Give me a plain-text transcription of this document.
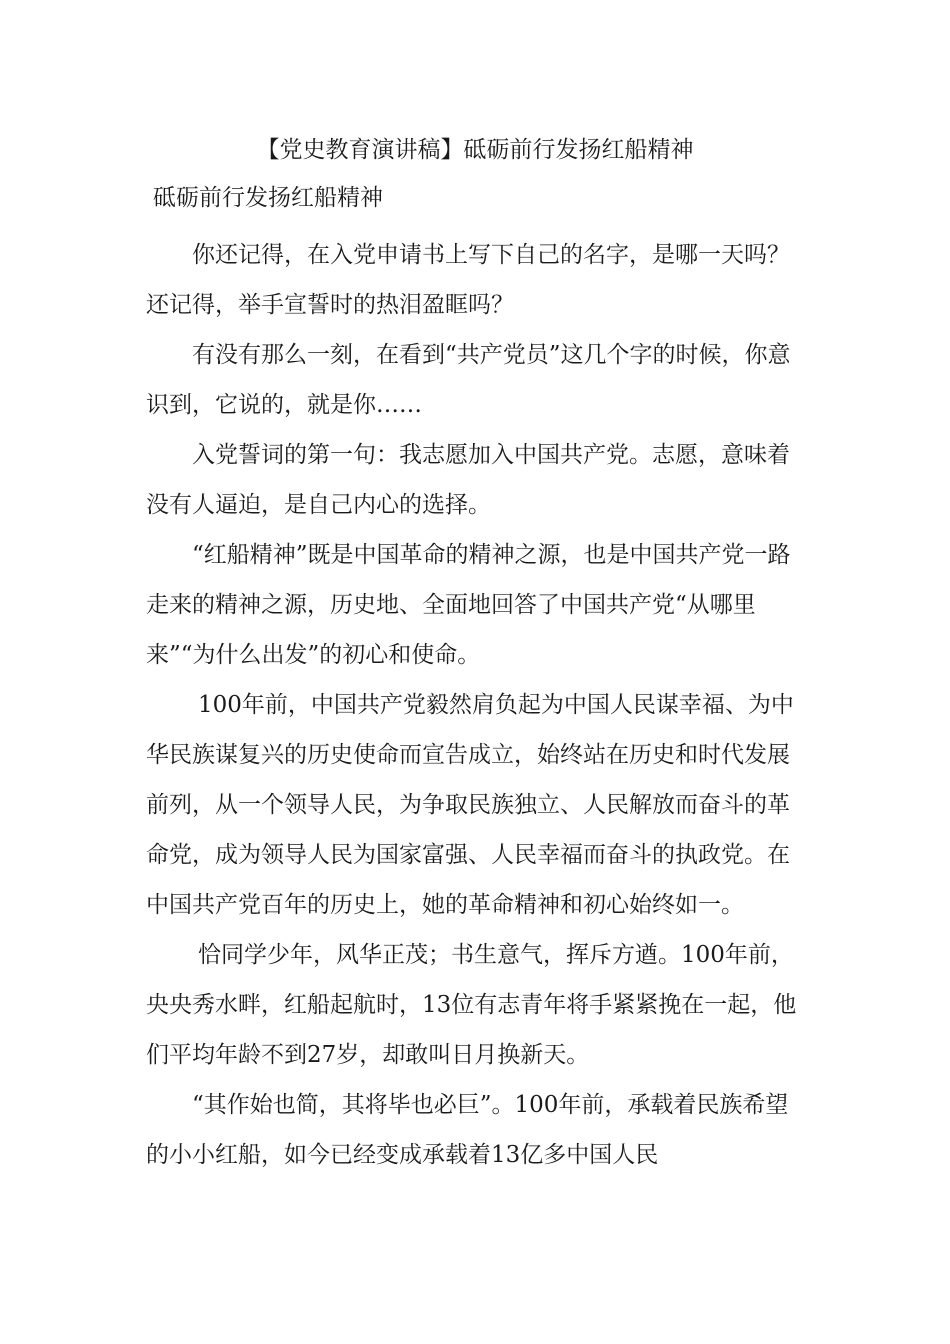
【党史教育演讲稿】砥砺前行发扬红船精神
砥砺前行发扬红船精神

你还记得，在入党申请书上写下自己的名字，是哪一天吗？还记得，举手宣誓时的热泪盈眶吗？

有没有那么一刻，在看到“共产党员”这几个字的时候，你意识到，它说的，就是你……

入党誓词的第一句：我志愿加入中国共产党。志愿，意味着没有人逼迫，是自己内心的选择。

“红船精神”既是中国革命的精神之源，也是中国共产党一路走来的精神之源，历史地、全面地回答了中国共产党“从哪里来”“为什么出发”的初心和使命。

100年前，中国共产党毅然肩负起为中国人民谋幸福、为中华民族谋复兴的历史使命而宣告成立，始终站在历史和时代发展前列，从一个领导人民，为争取民族独立、人民解放而奋斗的革命党，成为领导人民为国家富强、人民幸福而奋斗的执政党。在中国共产党百年的历史上，她的革命精神和初心始终如一。

恰同学少年，风华正茂；书生意气，挥斥方遒。100年前，央央秀水畔，红船起航时，13位有志青年将手紧紧挽在一起，他们平均年龄不到27岁，却敢叫日月换新天。

“其作始也简，其将毕也必巨”。100年前，承载着民族希望的小小红船，如今已经变成承载着13亿多中国人民
